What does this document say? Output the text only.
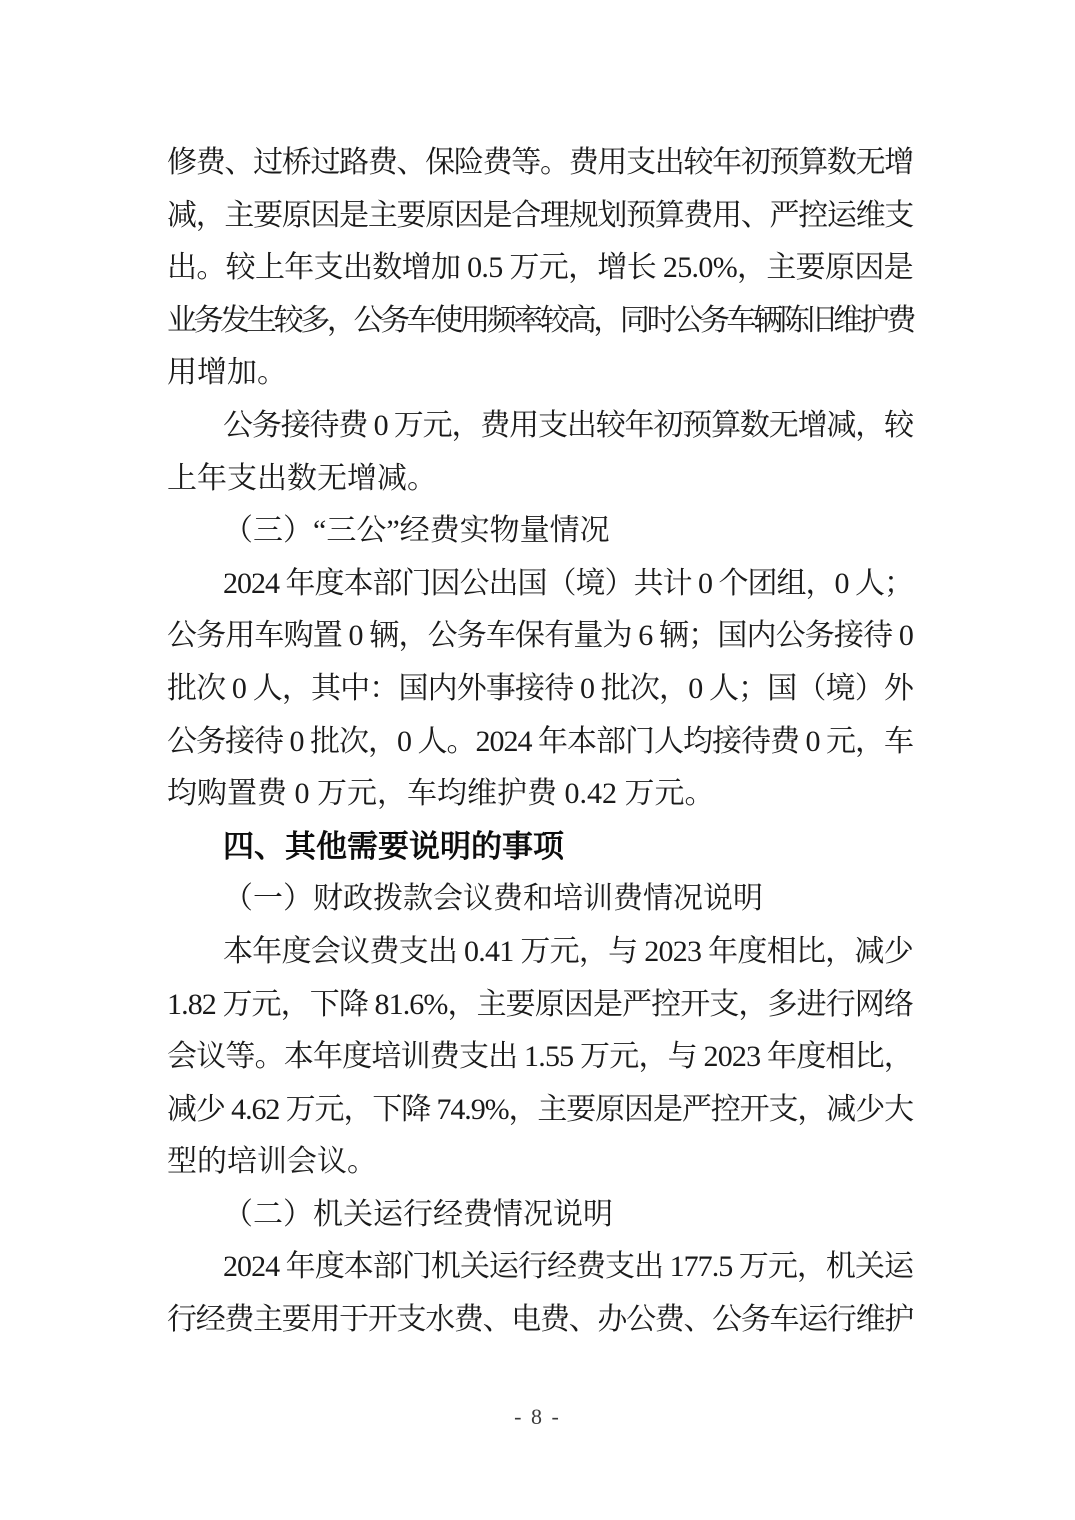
修费、过桥过路费、保险费等。费用支出较年初预算数无增
减，主要原因是主要原因是合理规划预算费用、严控运维支
出。较上年支出数增加 0.5 万元，增长 25.0%，主要原因是
业务发生较多，公务车使用频率较高，同时公务车辆陈旧维护费
用增加。
公务接待费 0 万元，费用支出较年初预算数无增减，较
上年支出数无增减。
（三）“三公”经费实物量情况
2024 年度本部门因公出国（境）共计 0 个团组，0 人；
公务用车购置 0 辆，公务车保有量为 6 辆；国内公务接待 0
批次 0 人，其中：国内外事接待 0 批次，0 人；国（境）外
公务接待 0 批次，0 人。2024 年本部门人均接待费 0 元，车
均购置费 0 万元，车均维护费 0.42 万元。
四、其他需要说明的事项
（一）财政拨款会议费和培训费情况说明
本年度会议费支出 0.41 万元，与 2023 年度相比，减少
1.82 万元，下降 81.6%，主要原因是严控开支，多进行网络
会议等。本年度培训费支出 1.55 万元，与 2023 年度相比，
减少 4.62 万元，下降 74.9%，主要原因是严控开支，减少大
型的培训会议。
（二）机关运行经费情况说明
2024 年度本部门机关运行经费支出 177.5 万元，机关运
行经费主要用于开支水费、电费、办公费、公务车运行维护
- 8 -
